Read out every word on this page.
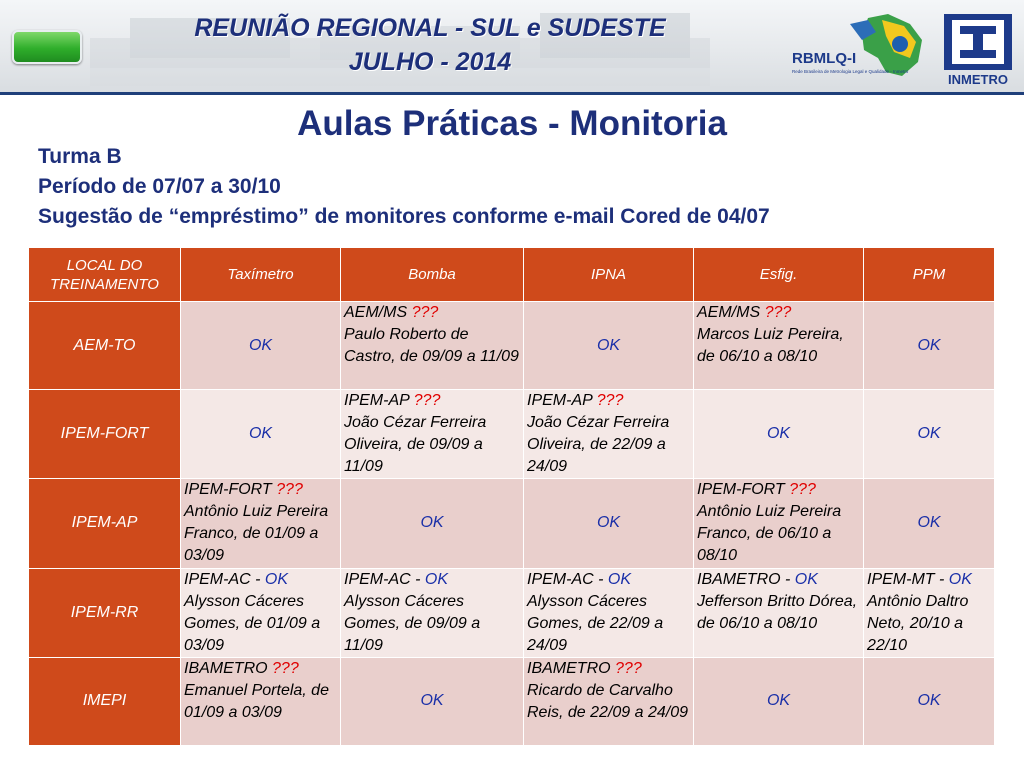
REUNIÃO REGIONAL - SUL e SUDESTE
JULHO - 2014	RBMLQ-I
Rede Brasileira de Metrologia Legal e Qualidade - Inmetro
INMETRO
Aulas Práticas - Monitoria
Turma B
Período de 07/07 a 30/10
Sugestão de “empréstimo” de monitores conforme e-mail Cored de 04/07
LOCAL DO TREINAMENTO	Taxímetro	Bomba	IPNA	Esfig.	PPM
AEM-TO	OK	AEM/MS ???
Paulo Roberto de Castro, de 09/09 a 11/09	OK	AEM/MS ???
Marcos Luiz Pereira, de 06/10 a 08/10	OK
IPEM-FORT	OK	IPEM-AP ???
João Cézar Ferreira Oliveira, de 09/09 a 11/09	IPEM-AP ???
João Cézar Ferreira Oliveira, de 22/09 a 24/09	OK	OK
IPEM-AP	IPEM-FORT ???
Antônio Luiz Pereira Franco, de 01/09 a 03/09	OK	OK	IPEM-FORT ???
Antônio Luiz Pereira Franco, de 06/10 a 08/10	OK
IPEM-RR	IPEM-AC - OK
Alysson Cáceres Gomes, de 01/09 a 03/09	IPEM-AC - OK
Alysson Cáceres Gomes, de 09/09 a 11/09	IPEM-AC - OK
Alysson Cáceres Gomes, de 22/09 a 24/09	IBAMETRO - OK
Jefferson Britto Dórea, de 06/10 a 08/10	IPEM-MT - OK
Antônio Daltro Neto, 20/10 a 22/10
IMEPI	IBAMETRO ???
Emanuel Portela, de 01/09 a 03/09	OK	IBAMETRO ???
Ricardo de Carvalho Reis, de 22/09 a 24/09	OK	OK
